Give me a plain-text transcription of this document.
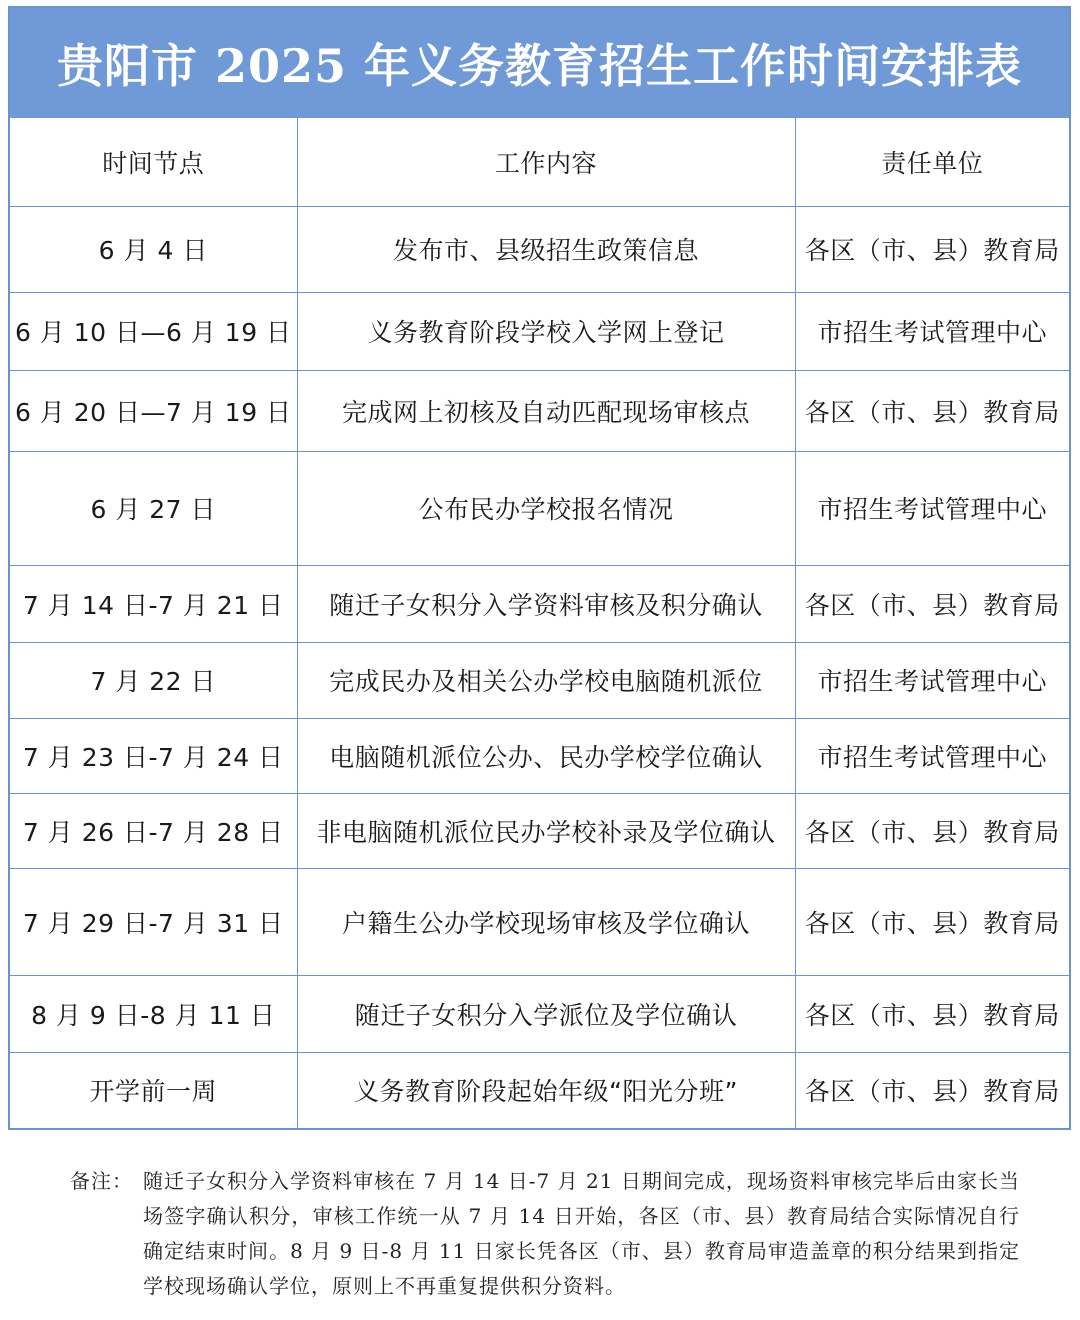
贵阳市 2025 年义务教育招生工作时间安排表
时间节点	工作内容	责任单位
6 月 4 日	发布市、县级招生政策信息	各区（市、县）教育局
6 月 10 日—6 月 19 日	义务教育阶段学校入学网上登记	市招生考试管理中心
6 月 20 日—7 月 19 日	完成网上初核及自动匹配现场审核点	各区（市、县）教育局
6 月 27 日	公布民办学校报名情况	市招生考试管理中心
7 月 14 日-7 月 21 日	随迁子女积分入学资料审核及积分确认	各区（市、县）教育局
7 月 22 日	完成民办及相关公办学校电脑随机派位	市招生考试管理中心
7 月 23 日-7 月 24 日	电脑随机派位公办、民办学校学位确认	市招生考试管理中心
7 月 26 日-7 月 28 日	非电脑随机派位民办学校补录及学位确认	各区（市、县）教育局
7 月 29 日-7 月 31 日	户籍生公办学校现场审核及学位确认	各区（市、县）教育局
8 月 9 日-8 月 11 日	随迁子女积分入学派位及学位确认	各区（市、县）教育局
开学前一周	义务教育阶段起始年级“阳光分班”	各区（市、县）教育局
备注： 随迁子女积分入学资料审核在 7 月 14 日-7 月 21 日期间完成，现场资料审核完毕后由家长当场签字确认积分，审核工作统一从 7 月 14 日开始，各区（市、县）教育局结合实际情况自行确定结束时间。8 月 9 日-8 月 11 日家长凭各区（市、县）教育局审造盖章的积分结果到指定学校现场确认学位，原则上不再重复提供积分资料。
